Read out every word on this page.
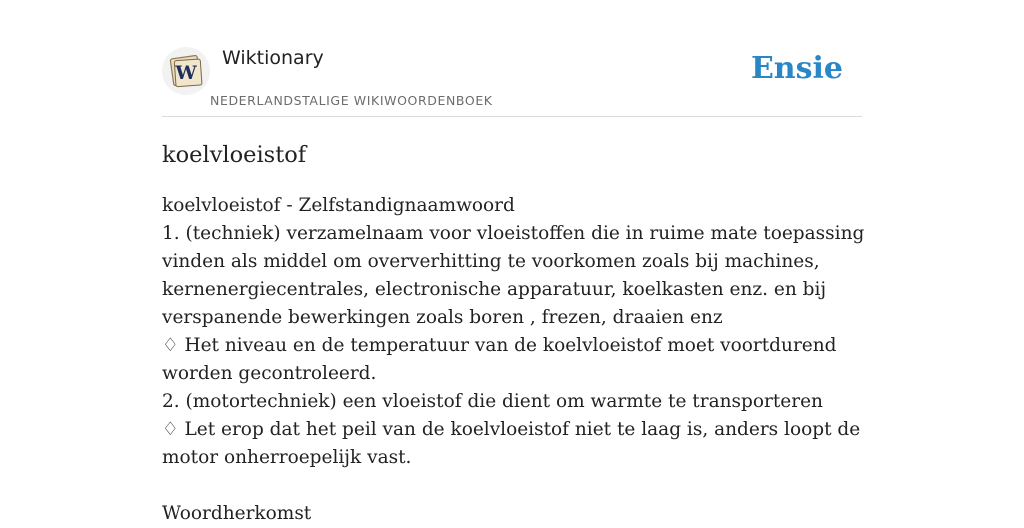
W
Wiktionary
NEDERLANDSTALIGE WIKIWOORDENBOEK
Ensie
koelvloeistof

koelvloeistof - Zelfstandignaamwoord

1. (techniek) verzamelnaam voor vloeistoffen die in ruime mate toepassing vinden als middel om oververhitting te voorkomen zoals bij machines, kernenergiecentrales, electronische apparatuur, koelkasten enz. en bij verspanende bewerkingen zoals boren , frezen, draaien enz

♢ Het niveau en de temperatuur van de koelvloeistof moet voortdurend worden gecontroleerd.

2. (motortechniek) een vloeistof die dient om warmte te transporteren

♢ Let erop dat het peil van de koelvloeistof niet te laag is, anders loopt de motor onherroepelijk vast.

Woordherkomst
